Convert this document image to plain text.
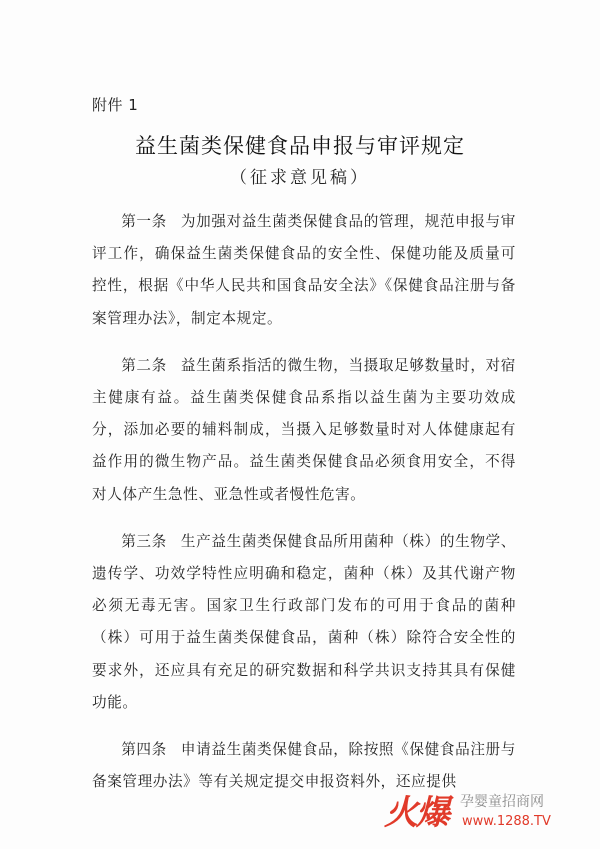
附件 1
益生菌类保健食品申报与审评规定
（征求意见稿）

第一条 为加强对益生菌类保健食品的管理，规范申报与审评工作，确保益生菌类保健食品的安全性、保健功能及质量可控性，根据《中华人民共和国食品安全法》《保健食品注册与备案管理办法》，制定本规定。

第二条 益生菌系指活的微生物，当摄取足够数量时，对宿主健康有益。益生菌类保健食品系指以益生菌为主要功效成分，添加必要的辅料制成，当摄入足够数量时对人体健康起有益作用的微生物产品。益生菌类保健食品必须食用安全，不得对人体产生急性、亚急性或者慢性危害。

第三条 生产益生菌类保健食品所用菌种（株）的生物学、遗传学、功效学特性应明确和稳定，菌种（株）及其代谢产物必须无毒无害。国家卫生行政部门发布的可用于食品的菌种（株）可用于益生菌类保健食品，菌种（株）除符合安全性的要求外，还应具有充足的研究数据和科学共识支持其具有保健功能。

第四条 申请益生菌类保健食品，除按照《保健食品注册与备案管理办法》等有关规定提交申报资料外，还应提供

火爆 孕婴童招商网
www.1288.TV
